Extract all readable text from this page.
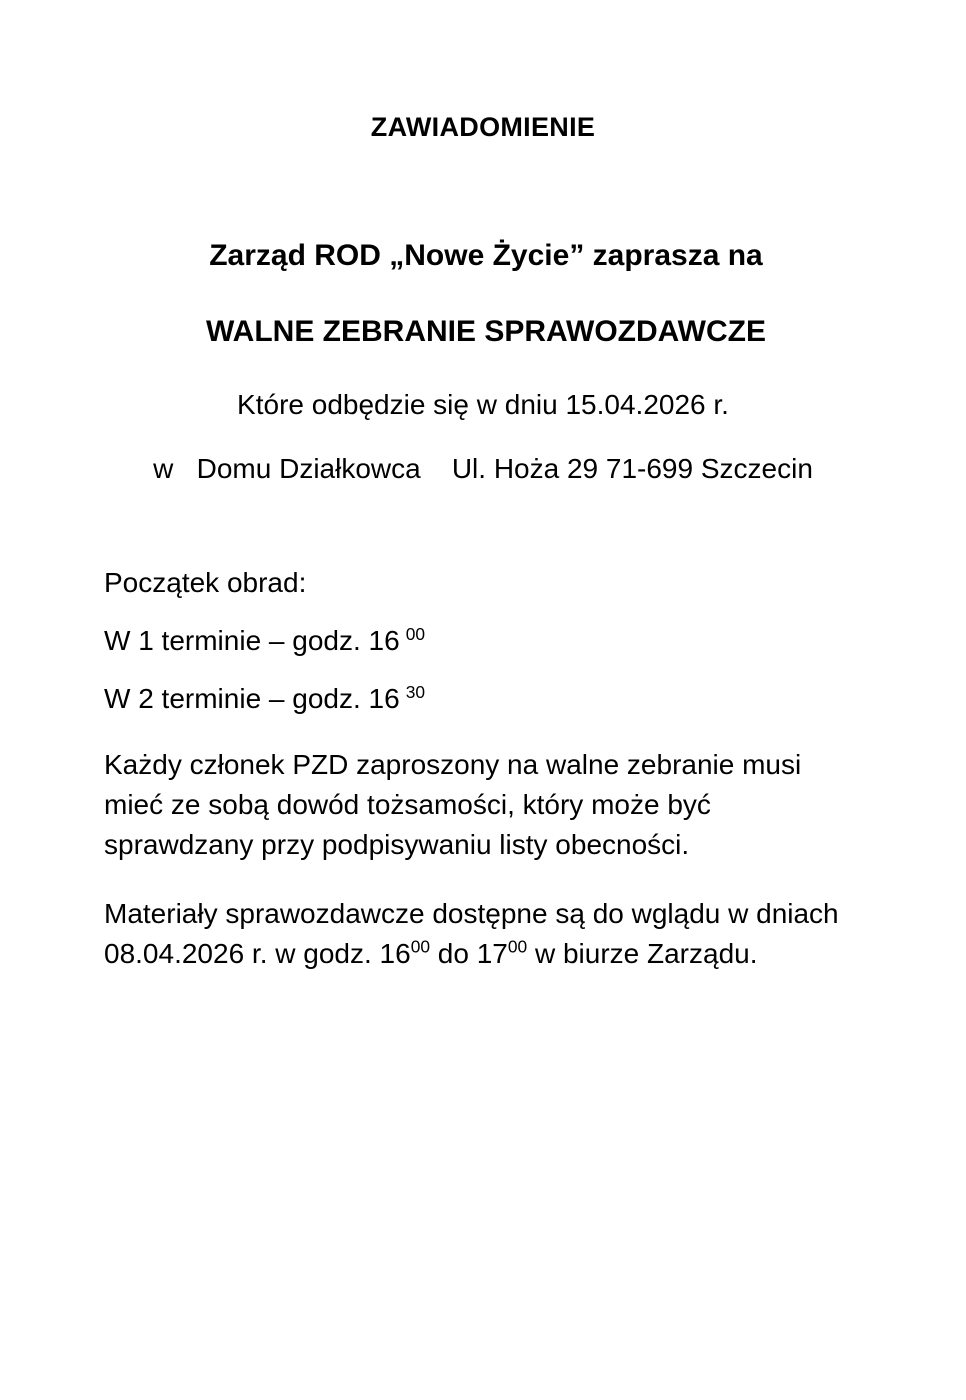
ZAWIADOMIENIE

Zarząd ROD „Nowe Życie” zaprasza na

WALNE ZEBRANIE SPRAWOZDAWCZE

Które odbędzie się w dniu 15.04.2026 r.

w   Domu Działkowca    Ul. Hoża 29 71-699 Szczecin

Początek obrad:

W 1 terminie – godz. 16 $^{00}$

W 2 terminie – godz. 16 $^{30}$

Każdy członek PZD zaproszony na walne zebranie musi mieć ze sobą dowód tożsamości, który może być sprawdzany przy podpisywaniu listy obecności.

Materiały sprawozdawcze dostępne są do wglądu w dniach 08.04.2026 r. w godz. $16^{00}$ do $17^{00}$ w biurze Zarządu.
